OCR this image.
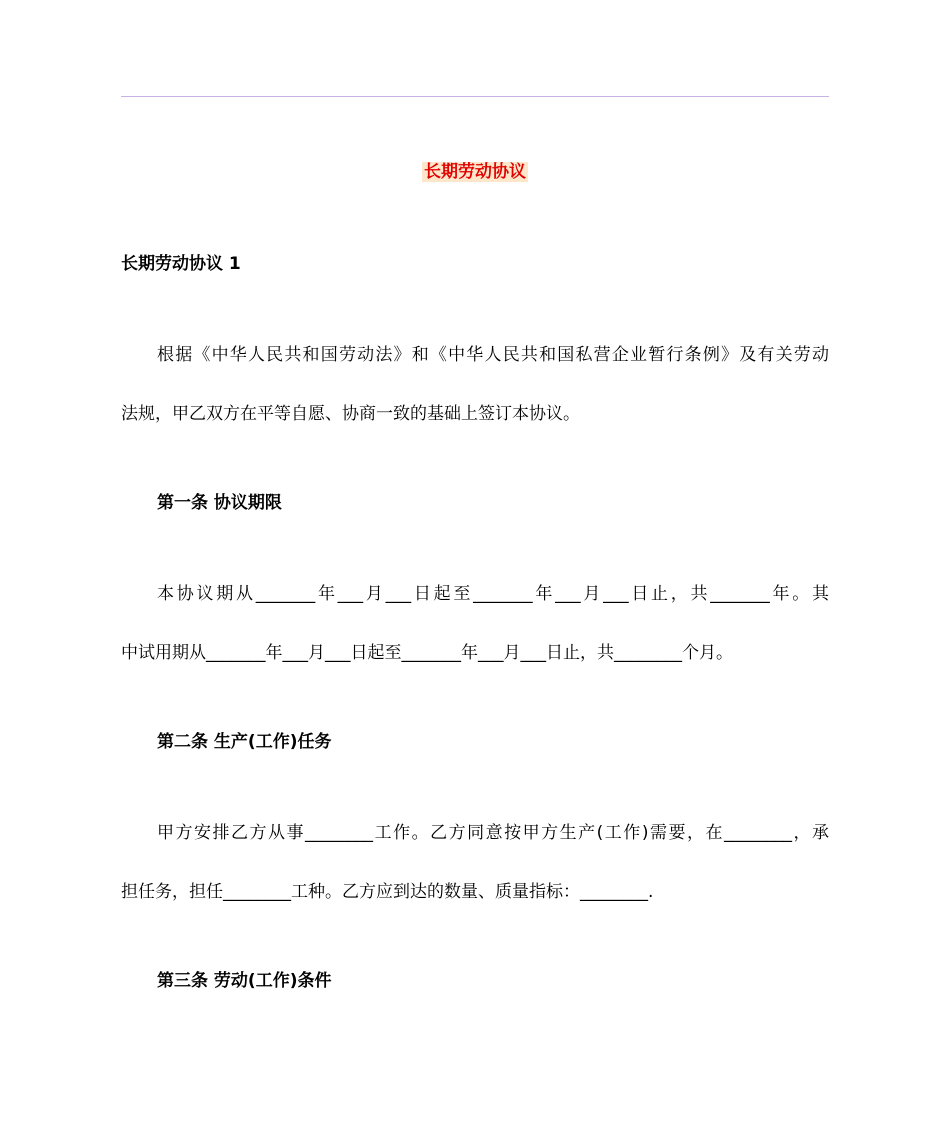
长期劳动协议
长期劳动协议 1
根据《中华人民共和国劳动法》和《中华人民共和国私营企业暂行条例》及有关劳动
法规，甲乙双方在平等自愿、协商一致的基础上签订本协议。
第一条 协议期限
本协议期从_______年___月___日起至_______年___月___日止，共_______年。其
中试用期从_______年___月___日起至_______年___月___日止，共________个月。
第二条 生产(工作)任务
甲方安排乙方从事________工作。乙方同意按甲方生产(工作)需要，在________，承
担任务，担任________工种。乙方应到达的数量、质量指标：________.
第三条 劳动(工作)条件
